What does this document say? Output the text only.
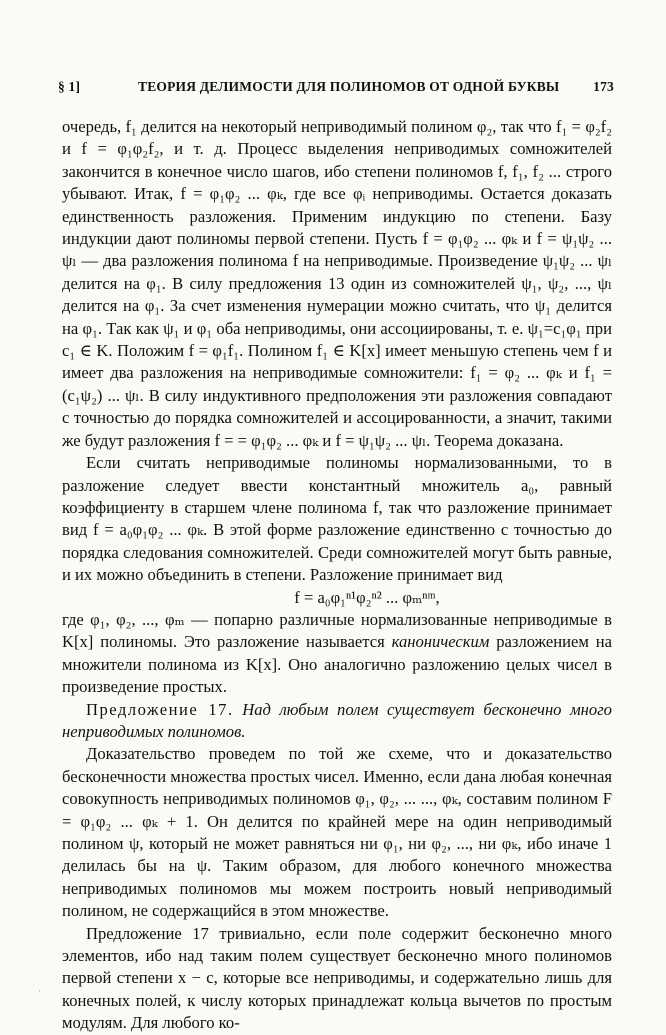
§ 1]	ТЕОРИЯ ДЕЛИМОСТИ ДЛЯ ПОЛИНОМОВ ОТ ОДНОЙ БУКВЫ	173

очередь, f₁ делится на некоторый неприводимый полином φ₂, так что f₁ = φ₂f₂ и f = φ₁φ₂f₂, и т. д. Процесс выделения неприводимых сомножителей закончится в конечное число шагов, ибо степени полиномов f, f₁, f₂ ... строго убывают. Итак, f = φ₁φ₂ ... φₖ, где все φᵢ неприводимы. Остается доказать единственность разложения. Применим индукцию по степени. Базу индукции дают полиномы первой степени. Пусть f = φ₁φ₂ ... φₖ и f = ψ₁ψ₂ ... ψₗ — два разложения полинома f на неприводимые. Произведение ψ₁ψ₂ ... ψₗ делится на φ₁. В силу предложения 13 один из сомножителей ψ₁, ψ₂, ..., ψₗ делится на φ₁. За счет изменения нумерации можно считать, что ψ₁ делится на φ₁. Так как ψ₁ и φ₁ оба неприводимы, они ассоциированы, т. е. ψ₁=c₁φ₁ при c₁ ∈ K. Положим f = φ₁f₁. Полином f₁ ∈ K[x] имеет меньшую степень чем f и имеет два разложения на неприводимые сомножители: f₁ = φ₂ ... φₖ и f₁ = (c₁ψ₂) ... ψₗ. В силу индуктивного предположения эти разложения совпадают с точностью до порядка сомножителей и ассоцированности, а значит, такими же будут разложения f = = φ₁φ₂ ... φₖ и f = ψ₁ψ₂ ... ψₗ. Теорема доказана.

Если считать неприводимые полиномы нормализованными, то в разложение следует ввести константный множитель a₀, равный коэффициенту в старшем члене полинома f, так что разложение принимает вид f = a₀φ₁φ₂ ... φₖ. В этой форме разложение единственно с точностью до порядка следования сомножителей. Среди сомножителей могут быть равные, и их можно объединить в степени. Разложение принимает вид

f = a₀φ₁ⁿ¹φ₂ⁿ² ... φₘⁿᵐ,

где φ₁, φ₂, ..., φₘ — попарно различные нормализованные неприводимые в K[x] полиномы. Это разложение называется каноническим разложением на множители полинома из K[x]. Оно аналогично разложению целых чисел в произведение простых.

Предложение 17. Над любым полем существует бесконечно много неприводимых полиномов.

Доказательство проведем по той же схеме, что и доказательство бесконечности множества простых чисел. Именно, если дана любая конечная совокупность неприводимых полиномов φ₁, φ₂, ... ..., φₖ, составим полином F = φ₁φ₂ ... φₖ + 1. Он делится по крайней мере на один неприводимый полином ψ, который не может равняться ни φ₁, ни φ₂, ..., ни φₖ, ибо иначе 1 делилась бы на ψ. Таким образом, для любого конечного множества неприводимых полиномов мы можем построить новый неприводимый полином, не содержащийся в этом множестве.

Предложение 17 тривиально, если поле содержит бесконечно много элементов, ибо над таким полем существует бесконечно много полиномов первой степени x − c, которые все неприводимы, и содержательно лишь для конечных полей, к числу которых принадлежат кольца вычетов по простым модулям. Для любого ко-

·
